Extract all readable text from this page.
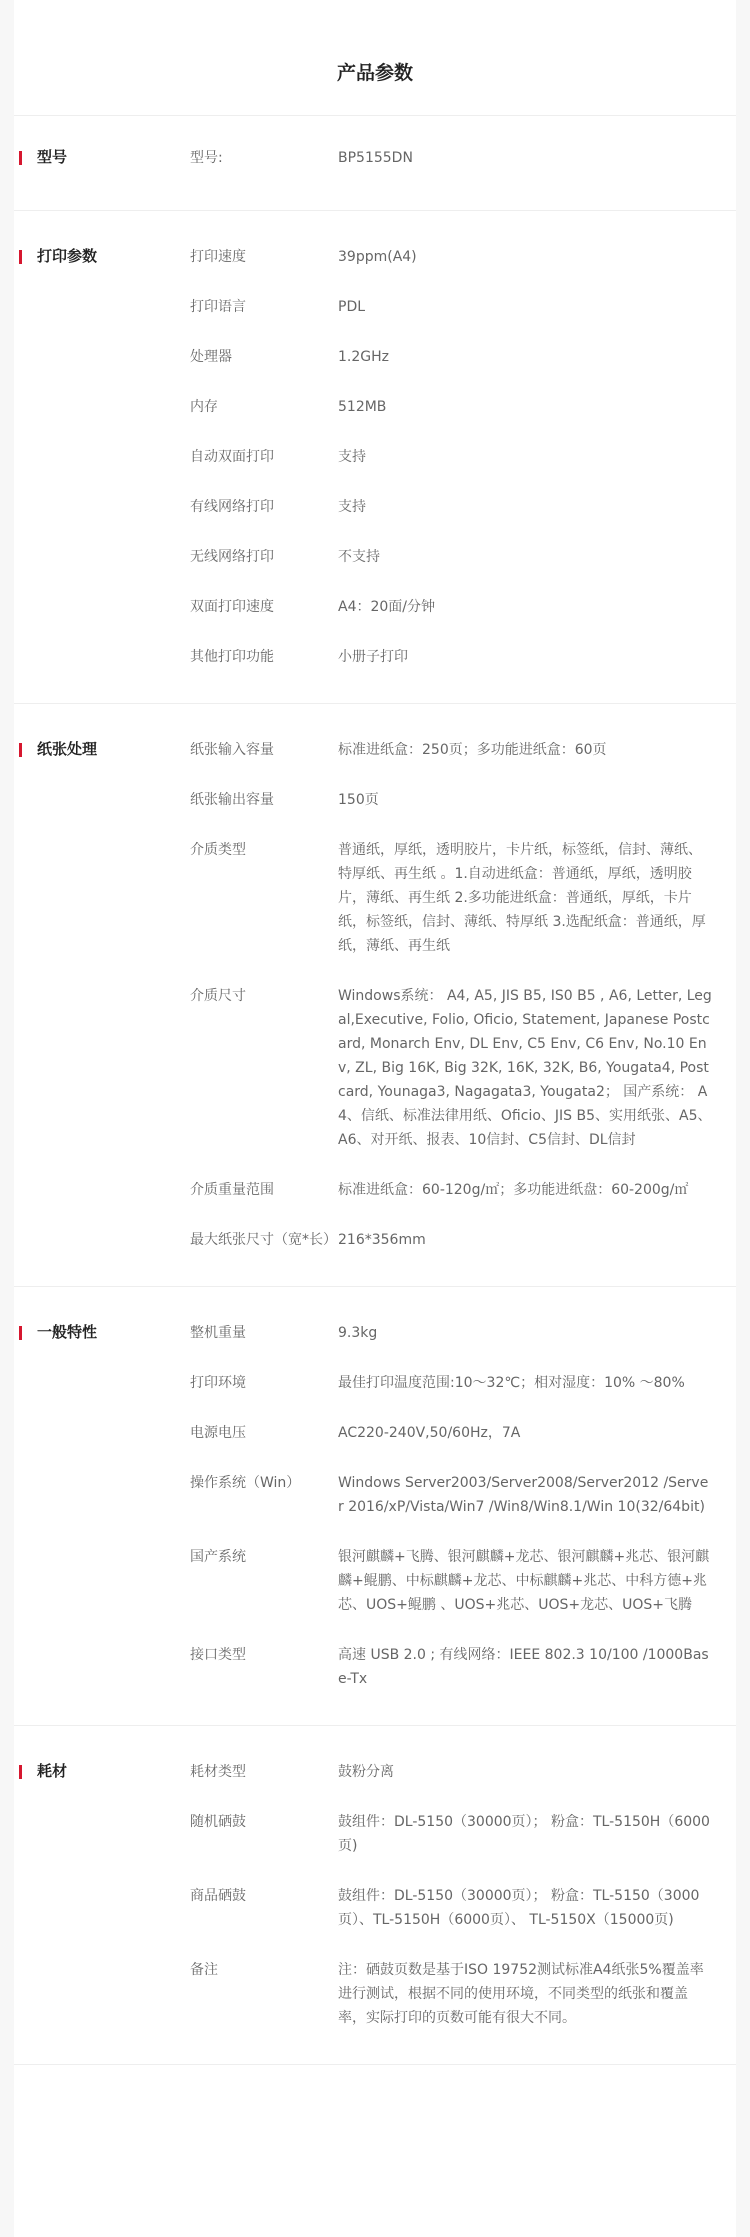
产品参数
型号	型号:	BP5155DN
打印参数	打印速度	39ppm(A4)
打印语言	PDL
处理器	1.2GHz
内存	512MB
自动双面打印	支持
有线网络打印	支持
无线网络打印	不支持
双面打印速度	A4：20面/分钟
其他打印功能	小册子打印
纸张处理	纸张输入容量	标准进纸盒：250页；多功能进纸盒：60页
纸张输出容量	150页
介质类型	普通纸，厚纸，透明胶片，卡片纸，标签纸，信封、薄纸、特厚纸、再生纸 。1.自动进纸盒：普通纸，厚纸，透明胶片，薄纸、再生纸 2.多功能进纸盒：普通纸，厚纸，卡片纸，标签纸，信封、薄纸、特厚纸 3.选配纸盒：普通纸，厚纸，薄纸、再生纸
介质尺寸	Windows系统： A4, A5, JIS B5, IS0 B5 , A6, Letter, Legal,Executive, Folio, Oficio, Statement, Japanese Postcard, Monarch Env, DL Env, C5 Env, C6 Env, No.10 Env, ZL, Big 16K, Big 32K, 16K, 32K, B6, Yougata4, Postcard, Younaga3, Nagagata3, Yougata2； 国产系统： A4、信纸、标准法律用纸、Oficio、JIS B5、实用纸张、A5、A6、对开纸、报表、10信封、C5信封、DL信封
介质重量范围	标准进纸盒：60-120g/㎡；多功能进纸盘：60-200g/㎡
最大纸张尺寸（宽*长） 216*356mm
一般特性	整机重量	9.3kg
打印环境	最佳打印温度范围:10～32℃；相对湿度：10% ～80%
电源电压	AC220-240V,50/60Hz，7A
操作系统（Win）	Windows Server2003/Server2008/Server2012 /Server 2016/xP/Vista/Win7 /Win8/Win8.1/Win 10(32/64bit)
国产系统	银河麒麟+飞腾、银河麒麟+龙芯、银河麒麟+兆芯、银河麒麟+鲲鹏、中标麒麟+龙芯、中标麒麟+兆芯、中科方德+兆芯、UOS+鲲鹏 、UOS+兆芯、UOS+龙芯、UOS+飞腾
接口类型	高速 USB 2.0 ; 有线网络：IEEE 802.3 10/100 /1000Base-Tx
耗材	耗材类型	鼓粉分离
随机硒鼓	鼓组件：DL-5150（30000页）； 粉盒：TL-5150H（6000页)
商品硒鼓	鼓组件：DL-5150（30000页）； 粉盒：TL-5150（3000页）、TL-5150H（6000页）、 TL-5150X（15000页)
备注	注：硒鼓页数是基于ISO 19752测试标准A4纸张5%覆盖率进行测试，根据不同的使用环境，不同类型的纸张和覆盖率，实际打印的页数可能有很大不同。
